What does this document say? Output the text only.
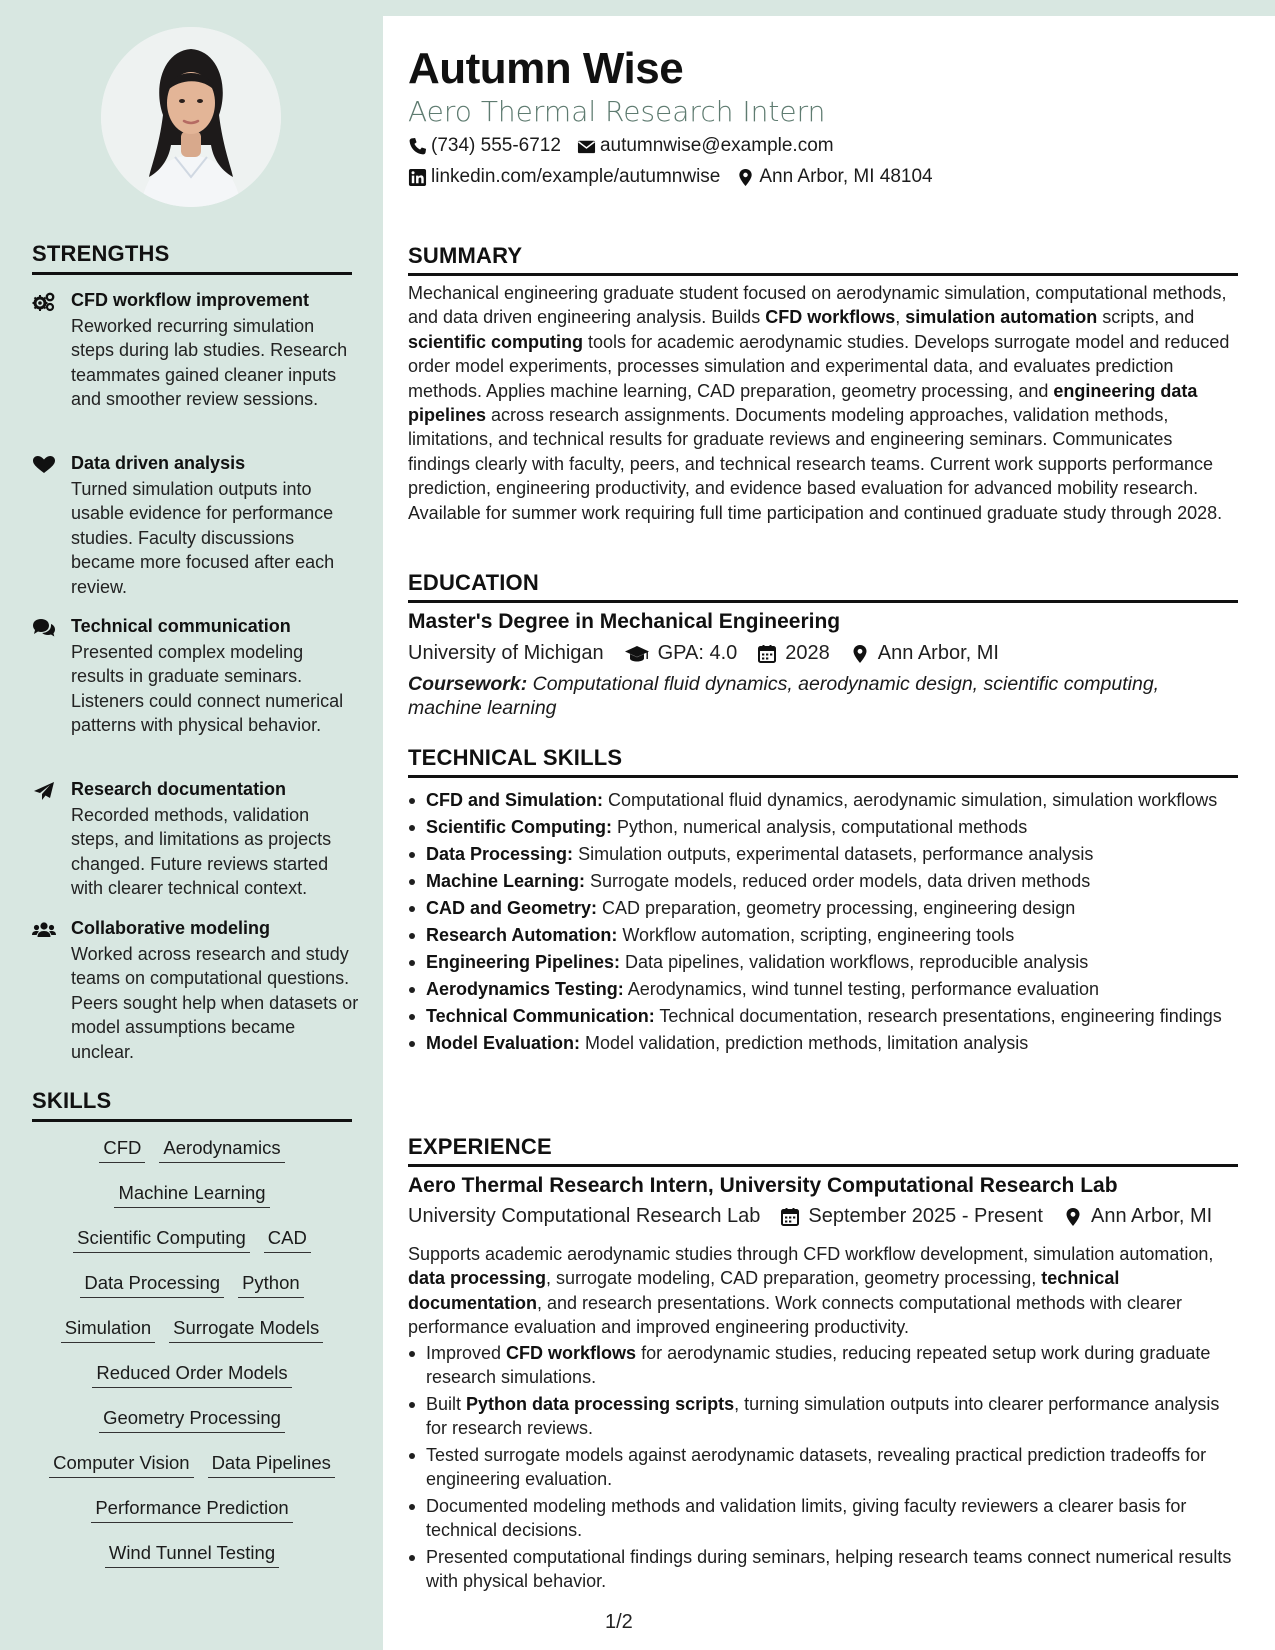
STRENGTHS
CFD workflow improvement
Reworked recurring simulation steps during lab studies. Research teammates gained cleaner inputs and smoother review sessions.
Data driven analysis
Turned simulation outputs into usable evidence for performance studies. Faculty discussions became more focused after each review.
Technical communication
Presented complex modeling results in graduate seminars. Listeners could connect numerical patterns with physical behavior.
Research documentation
Recorded methods, validation steps, and limitations as projects changed. Future reviews started with clearer technical context.
Collaborative modeling
Worked across research and study teams on computational questions. Peers sought help when datasets or model assumptions became unclear.
SKILLS
CFD Aerodynamics
Machine Learning
Scientific Computing CAD
Data Processing Python
Simulation Surrogate Models
Reduced Order Models
Geometry Processing
Computer Vision Data Pipelines
Performance Prediction
Wind Tunnel Testing
Autumn Wise
Aero Thermal Research Intern
(734) 555-6712 autumnwise@example.com
linkedin.com/example/autumnwise Ann Arbor, MI 48104
SUMMARY
Mechanical engineering graduate student focused on aerodynamic simulation, computational methods, and data driven engineering analysis. Builds CFD workflows, simulation automation scripts, and scientific computing tools for academic aerodynamic studies. Develops surrogate model and reduced order model experiments, processes simulation and experimental data, and evaluates prediction methods. Applies machine learning, CAD preparation, geometry processing, and engineering data pipelines across research assignments. Documents modeling approaches, validation methods, limitations, and technical results for graduate reviews and engineering seminars. Communicates findings clearly with faculty, peers, and technical research teams. Current work supports performance prediction, engineering productivity, and evidence based evaluation for advanced mobility research. Available for summer work requiring full time participation and continued graduate study through 2028.
EDUCATION
Master's Degree in Mechanical Engineering
University of Michigan	GPA: 4.0 2028 Ann Arbor, MI
Coursework: Computational fluid dynamics, aerodynamic design, scientific computing, machine learning
TECHNICAL SKILLS
CFD and Simulation: Computational fluid dynamics, aerodynamic simulation, simulation workflows
Scientific Computing: Python, numerical analysis, computational methods
Data Processing: Simulation outputs, experimental datasets, performance analysis
Machine Learning: Surrogate models, reduced order models, data driven methods
CAD and Geometry: CAD preparation, geometry processing, engineering design
Research Automation: Workflow automation, scripting, engineering tools
Engineering Pipelines: Data pipelines, validation workflows, reproducible analysis
Aerodynamics Testing: Aerodynamics, wind tunnel testing, performance evaluation
Technical Communication: Technical documentation, research presentations, engineering findings
Model Evaluation: Model validation, prediction methods, limitation analysis
EXPERIENCE
Aero Thermal Research Intern, University Computational Research Lab
University Computational Research Lab September 2025 - Present Ann Arbor, MI
Supports academic aerodynamic studies through CFD workflow development, simulation automation, data processing, surrogate modeling, CAD preparation, geometry processing, technical documentation, and research presentations. Work connects computational methods with clearer performance evaluation and improved engineering productivity.
Improved CFD workflows for aerodynamic studies, reducing repeated setup work during graduate research simulations.
Built Python data processing scripts, turning simulation outputs into clearer performance analysis for research reviews.
Tested surrogate models against aerodynamic datasets, revealing practical prediction tradeoffs for engineering evaluation.
Documented modeling methods and validation limits, giving faculty reviewers a clearer basis for technical decisions.
Presented computational findings during seminars, helping research teams connect numerical results with physical behavior.
1/2
